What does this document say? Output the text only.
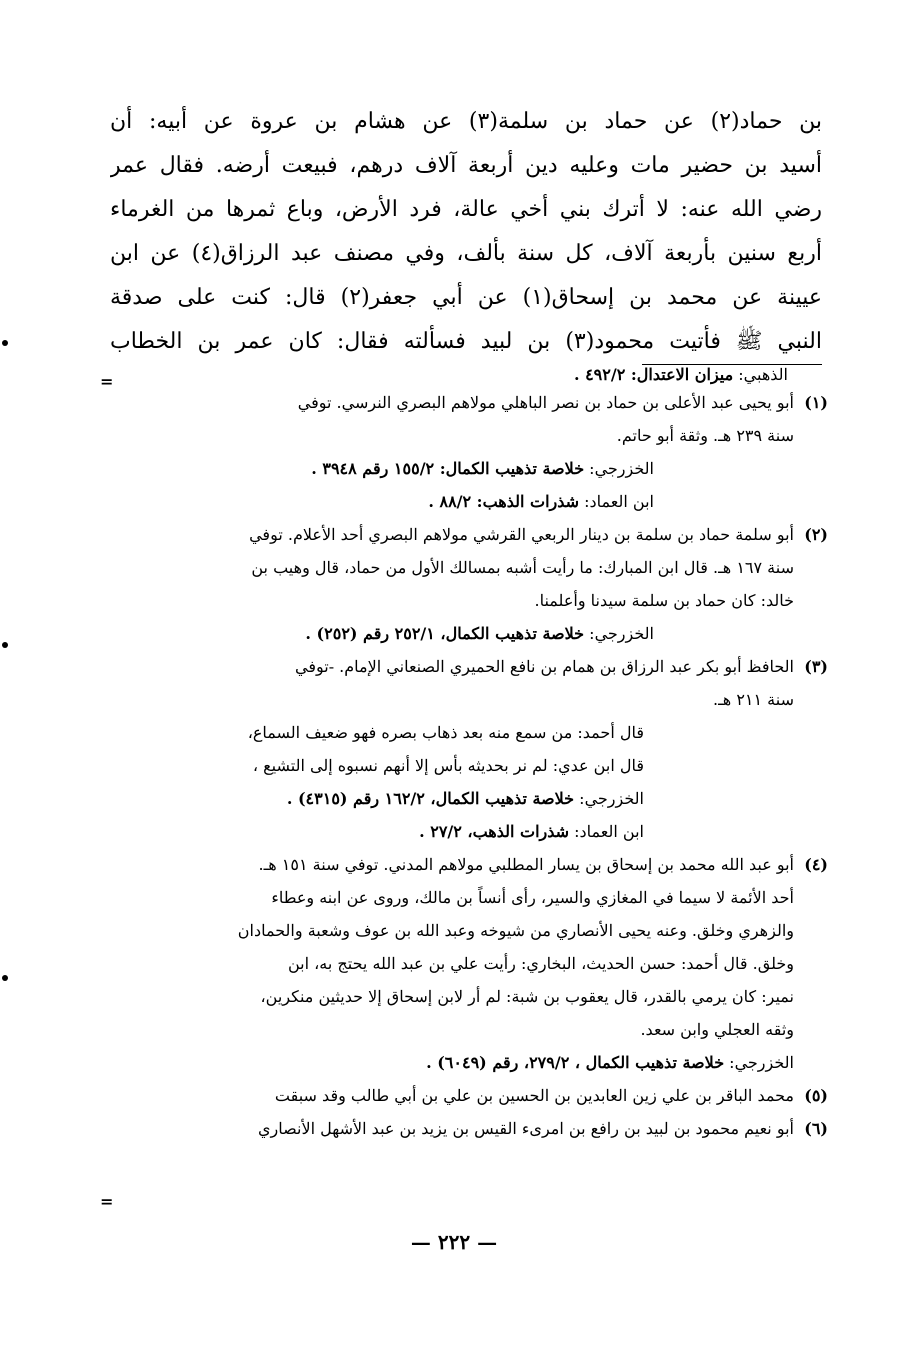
بن حماد(٢) عن حماد بن سلمة(٣) عن هشام بن عروة عن أبيه: أن
أسيد بن حضير مات وعليه دين أربعة آلاف درهم، فبيعت أرضه. فقال عمر
رضي الله عنه: لا أترك بني أخي عالة، فرد الأرض، وباع ثمرها من الغرماء
أربع سنين بأربعة آلاف، كل سنة بألف، وفي مصنف عبد الرزاق(٤) عن ابن
عيينة عن محمد بن إسحاق(١) عن أبي جعفر(٢) قال: كنت على صدقة
النبي ﷺ فأتيت محمود(٣) بن لبيد فسألته فقال: كان عمر بن الخطاب
الذهبي: ميزان الاعتدال: ٤٩٢/٢ .
(١)
أبو يحيى عبد الأعلى بن حماد بن نصر الباهلي مولاهم البصري النرسي. توفي
سنة ٢٣٩ هـ. وثقة أبو حاتم.
الخزرجي: خلاصة تذهيب الكمال: ١٥٥/٢ رقم ٣٩٤٨ .
ابن العماد: شذرات الذهب: ٨٨/٢ .
(٢)
أبو سلمة حماد بن سلمة بن دينار الربعي القرشي مولاهم البصري أحد الأعلام. توفي
سنة ١٦٧ هـ. قال ابن المبارك: ما رأيت أشبه بمسالك الأول من حماد، قال وهيب بن
خالد: كان حماد بن سلمة سيدنا وأعلمنا.
الخزرجي: خلاصة تذهيب الكمال، ٢٥٢/١ رقم (٢٥٢) .
(٣)
الحافظ أبو بكر عبد الرزاق بن همام بن نافع الحميري الصنعاني الإمام. -توفي
سنة ٢١١ هـ.
قال أحمد: من سمع منه بعد ذهاب بصره فهو ضعيف السماع،
قال ابن عدي: لم نر بحديثه بأس إلا أنهم نسبوه إلى التشيع ،
الخزرجي: خلاصة تذهيب الكمال، ١٦٢/٢ رقم (٤٣١٥) .
ابن العماد: شذرات الذهب، ٢٧/٢ .
(٤)
أبو عبد الله محمد بن إسحاق بن يسار المطلبي مولاهم المدني. توفي سنة ١٥١ هـ.
أحد الأئمة لا سيما في المغازي والسير، رأى أنساً بن مالك، وروى عن ابنه وعطاء
والزهري وخلق. وعنه يحيى الأنصاري من شيوخه وعبد الله بن عوف وشعبة والحمادان
وخلق. قال أحمد: حسن الحديث، البخاري: رأيت علي بن عبد الله يحتج به، ابن
نمير: كان يرمي بالقدر، قال يعقوب بن شبة: لم أر لابن إسحاق إلا حديثين منكرين،
وثقه العجلي وابن سعد.
الخزرجي: خلاصة تذهيب الكمال ، ٢٧٩/٢، رقم (٦٠٤٩) .
(٥)
محمد الباقر بن علي زين العابدين بن الحسين بن علي بن أبي طالب وقد سبقت
(٦)
أبو نعيم محمود بن لبيد بن رافع بن امرىء القيس بن يزيد بن عبد الأشهل الأنصاري
=
=
— ٢٢٢ —
